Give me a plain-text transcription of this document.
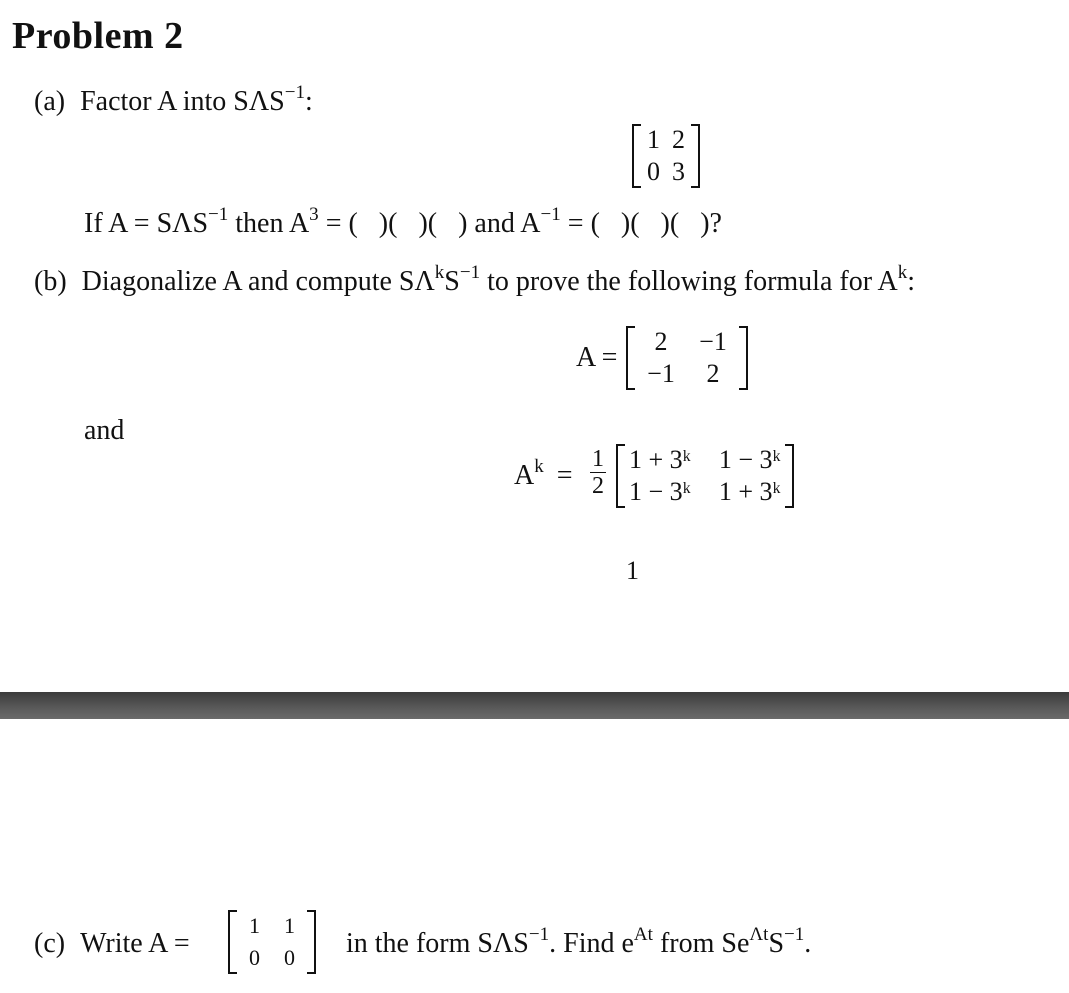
Problem 2
(a) Factor A into $S\Lambda S^{-1}$:
1	2
0	3
If $A = S\Lambda S^{-1}$ then $A^3$ = (   )(   )(   ) and $A^{-1}$ = (   )(   )(   )?
(b) Diagonalize A and compute $S\Lambda^kS^{-1}$ to prove the following formula for $A^k$:
A =
2	−1
−1	2
and
$A^k = \frac{1}{2} 1$ + 3ᵏ	1 − 3ᵏ
1 − 3ᵏ	1 + 3ᵏ
1
(c) Write A =
1	1
0	0 in the form $S\Lambda S^{-1}$. Find $e^{At}$ from $Se^{\Lambda t}S^{-1}$.
